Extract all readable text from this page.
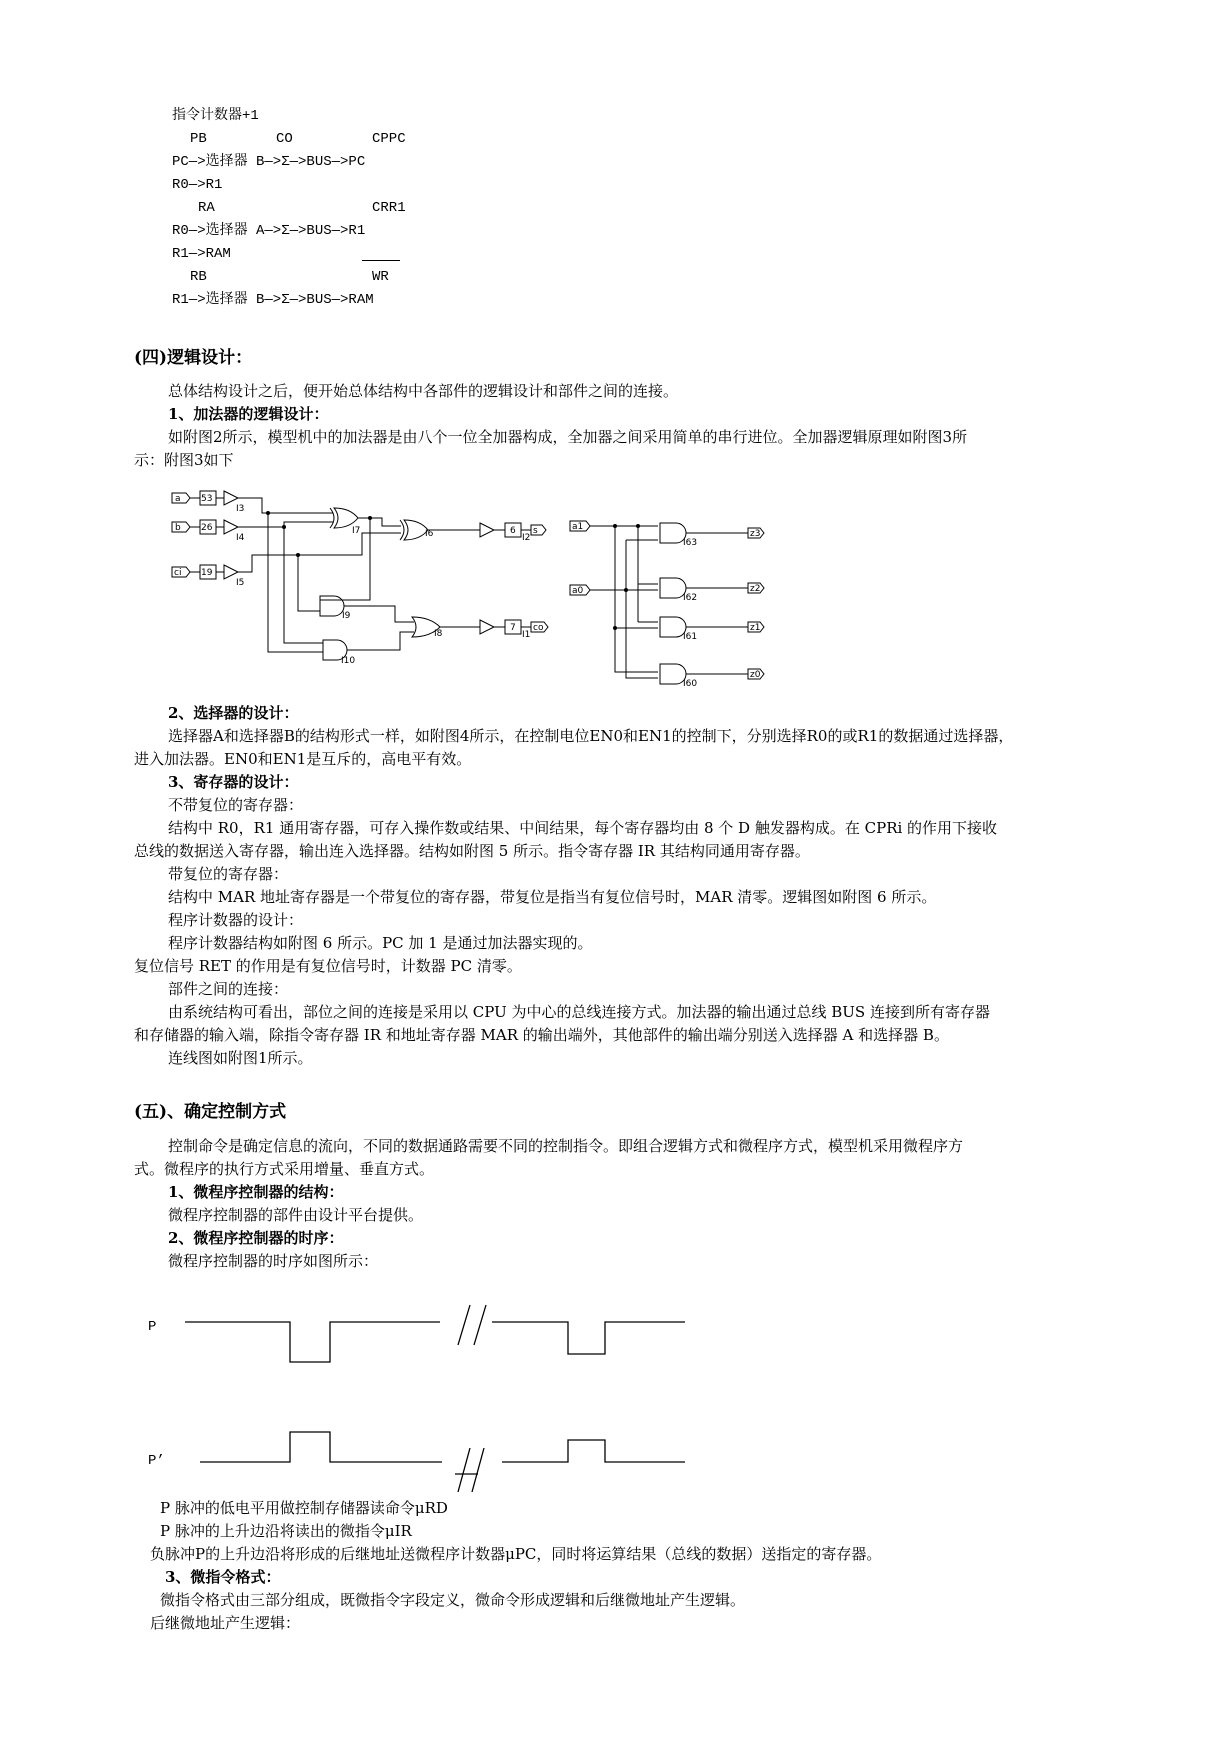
指令计数器+1
PB	CO	CPPC
PC—>选择器 B—>Σ—>BUS—>PC
R0—>R1
RA	CRR1
R0—>选择器 A—>Σ—>BUS—>R1
R1—>RAM
RB	WR
R1—>选择器 B—>Σ—>BUS—>RAM
(四)逻辑设计：
总体结构设计之后，便开始总体结构中各部件的逻辑设计和部件之间的连接。
1、加法器的逻辑设计：
如附图2所示，模型机中的加法器是由八个一位全加器构成，全加器之间采用简单的串行进位。全加器逻辑原理如附图3所
示：附图3如下
a
b
ci
53
26
19
I3
I4
I5
I7	I6	6
I2
s
I9
I10
I8
7
I1
co
a1
a0
I63
I62
I61
I60
z3
z2
z1
z0
2、选择器的设计：
选择器A和选择器B的结构形式一样，如附图4所示，在控制电位EN0和EN1的控制下，分别选择R0的或R1的数据通过选择器，
进入加法器。EN0和EN1是互斥的，高电平有效。
3、寄存器的设计：
不带复位的寄存器：
结构中 R0，R1 通用寄存器，可存入操作数或结果、中间结果，每个寄存器均由 8 个 D 触发器构成。在 CPRi 的作用下接收
总线的数据送入寄存器，输出连入选择器。结构如附图 5 所示。指令寄存器 IR 其结构同通用寄存器。
带复位的寄存器：
结构中 MAR 地址寄存器是一个带复位的寄存器，带复位是指当有复位信号时，MAR 清零。逻辑图如附图 6 所示。
程序计数器的设计：
程序计数器结构如附图 6 所示。PC 加 1 是通过加法器实现的。
复位信号 RET 的作用是有复位信号时，计数器 PC 清零。
部件之间的连接：
由系统结构可看出，部位之间的连接是采用以 CPU 为中心的总线连接方式。加法器的输出通过总线 BUS 连接到所有寄存器
和存储器的输入端，除指令寄存器 IR 和地址寄存器 MAR 的输出端外，其他部件的输出端分别送入选择器 A 和选择器 B。
连线图如附图1所示。
(五)、确定控制方式
控制命令是确定信息的流向，不同的数据通路需要不同的控制指令。即组合逻辑方式和微程序方式，模型机采用微程序方
式。微程序的执行方式采用增量、垂直方式。
1、微程序控制器的结构：
微程序控制器的部件由设计平台提供。
2、微程序控制器的时序：
微程序控制器的时序如图所示：
P
P’
P 脉冲的低电平用做控制存储器读命令μRD
P 脉冲的上升边沿将读出的微指令μIR
负脉冲P的上升边沿将形成的后继地址送微程序计数器μPC，同时将运算结果（总线的数据）送指定的寄存器。
3、微指令格式：
微指令格式由三部分组成，既微指令字段定义，微命令形成逻辑和后继微地址产生逻辑。
后继微地址产生逻辑：
